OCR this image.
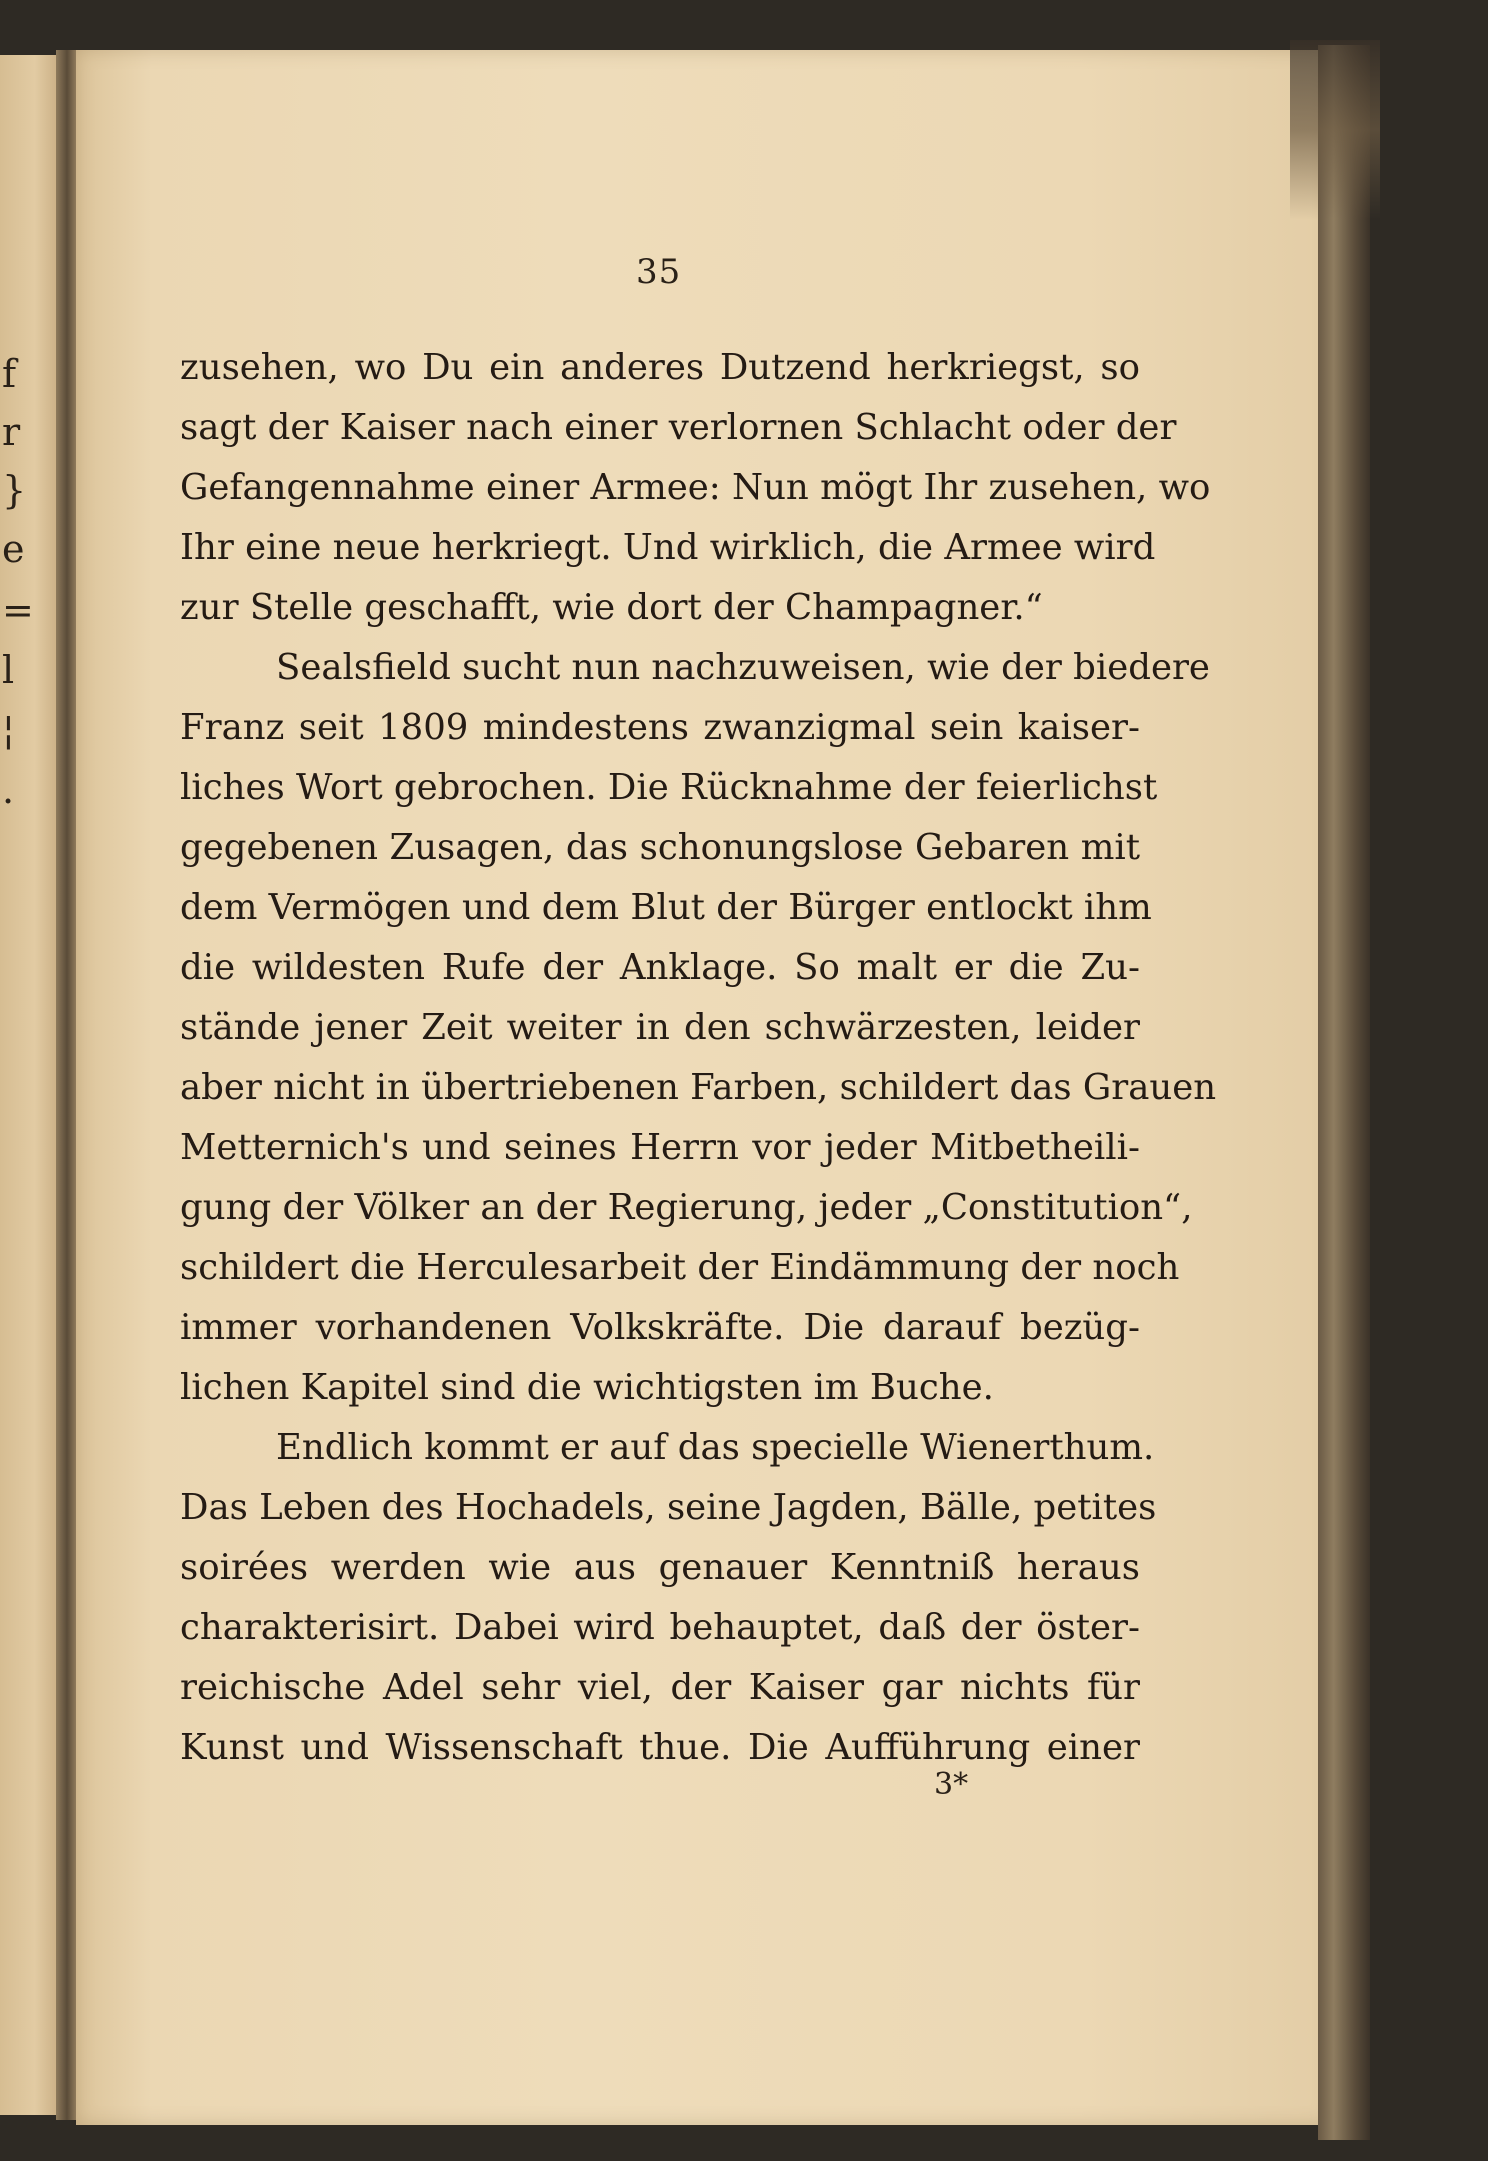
f
r
}
e
=
l
¦
.
35
zusehen, wo Du ein anderes Dutzend herkriegst, so
sagt der Kaiser nach einer verlornen Schlacht oder der
Gefangennahme einer Armee: Nun mögt Ihr zusehen, wo
Ihr eine neue herkriegt. Und wirklich, die Armee wird
zur Stelle geschafft, wie dort der Champagner.“
Sealsfield sucht nun nachzuweisen, wie der biedere
Franz seit 1809 mindestens zwanzigmal sein kaiser-
liches Wort gebrochen. Die Rücknahme der feierlichst
gegebenen Zusagen, das schonungslose Gebaren mit
dem Vermögen und dem Blut der Bürger entlockt ihm
die wildesten Rufe der Anklage. So malt er die Zu-
stände jener Zeit weiter in den schwärzesten, leider
aber nicht in übertriebenen Farben, schildert das Grauen
Metternich's und seines Herrn vor jeder Mitbetheili-
gung der Völker an der Regierung, jeder „Constitution“,
schildert die Herculesarbeit der Eindämmung der noch
immer vorhandenen Volkskräfte. Die darauf bezüg-
lichen Kapitel sind die wichtigsten im Buche.
Endlich kommt er auf das specielle Wienerthum.
Das Leben des Hochadels, seine Jagden, Bälle, petites
soirées werden wie aus genauer Kenntniß heraus
charakterisirt. Dabei wird behauptet, daß der öster-
reichische Adel sehr viel, der Kaiser gar nichts für
Kunst und Wissenschaft thue. Die Aufführung einer
3*
